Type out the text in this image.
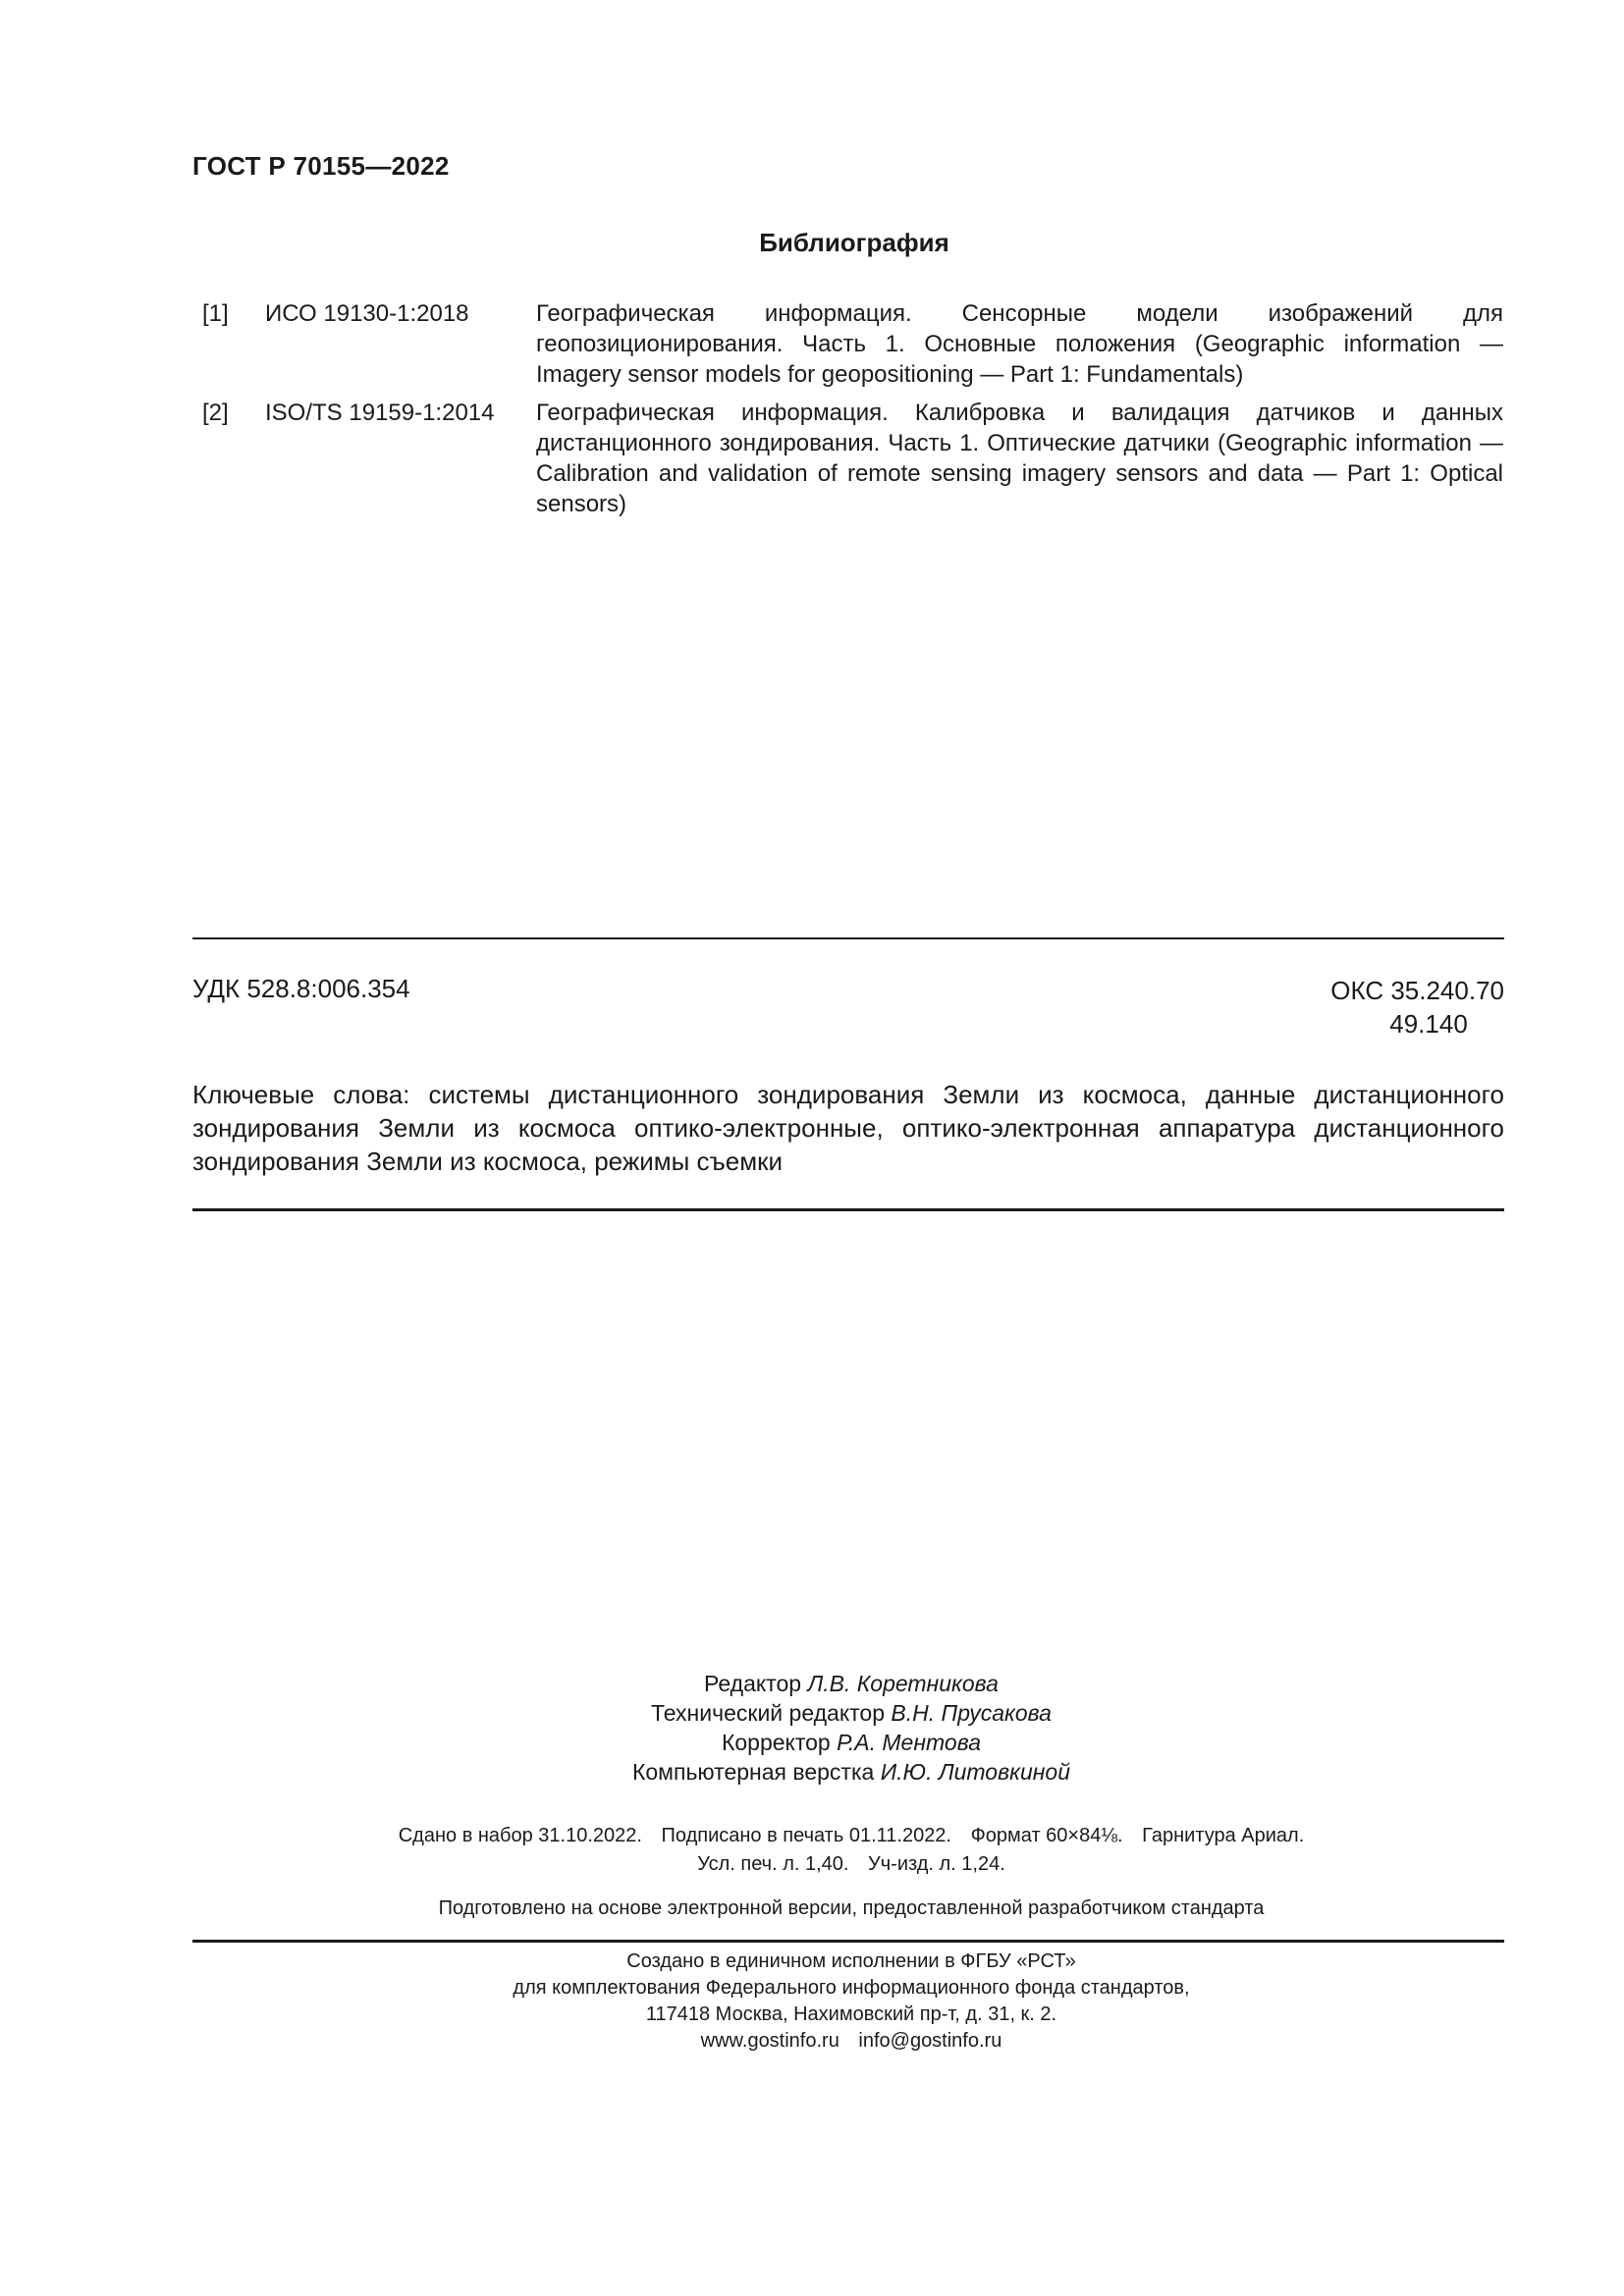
ГОСТ Р 70155—2022
Библиография
[1]	ИСО 19130-1:2018	Географическая информация. Сенсорные модели изображений для геопозиционирования. Часть 1. Основные положения (Geographic information — Imagery sensor models for geopositioning — Part 1: Fundamentals)
[2]	ISO/TS 19159-1:2014	Географическая информация. Калибровка и валидация датчиков и данных дистанционного зондирования. Часть 1. Оптические датчики (Geographic information — Calibration and validation of remote sensing imagery sensors and data — Part 1: Optical sensors)
УДК 528.8:006.354	ОКС 35.240.70
49.140
Ключевые слова: системы дистанционного зондирования Земли из космоса, данные дистанционного зондирования Земли из космоса оптико-электронные, оптико-электронная аппаратура дистанционного зондирования Земли из космоса, режимы съемки
Редактор Л.В. Коретникова
Технический редактор В.Н. Прусакова
Корректор Р.А. Ментова
Компьютерная верстка И.Ю. Литовкиной
Сдано в набор 31.10.2022. Подписано в печать 01.11.2022. Формат 60×84⅛. Гарнитура Ариал.
Усл. печ. л. 1,40. Уч-изд. л. 1,24.
Подготовлено на основе электронной версии, предоставленной разработчиком стандарта
Создано в единичном исполнении в ФГБУ «РСТ»
для комплектования Федерального информационного фонда стандартов,
117418 Москва, Нахимовский пр-т, д. 31, к. 2.
www.gostinfo.ru info@gostinfo.ru
